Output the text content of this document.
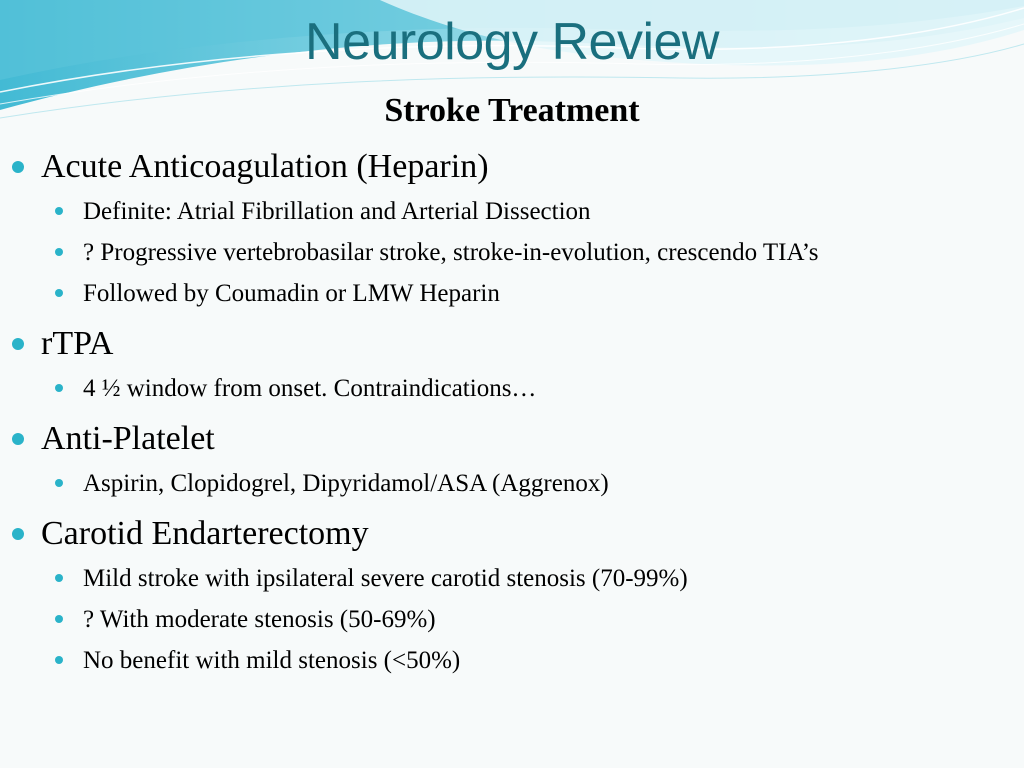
Neurology Review
Stroke Treatment
Acute Anticoagulation (Heparin)
Definite: Atrial Fibrillation and Arterial Dissection
? Progressive vertebrobasilar stroke, stroke-in-evolution, crescendo TIA’s
Followed by Coumadin or LMW Heparin
rTPA
4 ½ window from onset. Contraindications…
Anti-Platelet
Aspirin, Clopidogrel, Dipyridamol/ASA (Aggrenox)
Carotid Endarterectomy
Mild stroke with ipsilateral severe carotid stenosis (70-99%)
? With moderate stenosis (50-69%)
No benefit with mild stenosis (<50%)
